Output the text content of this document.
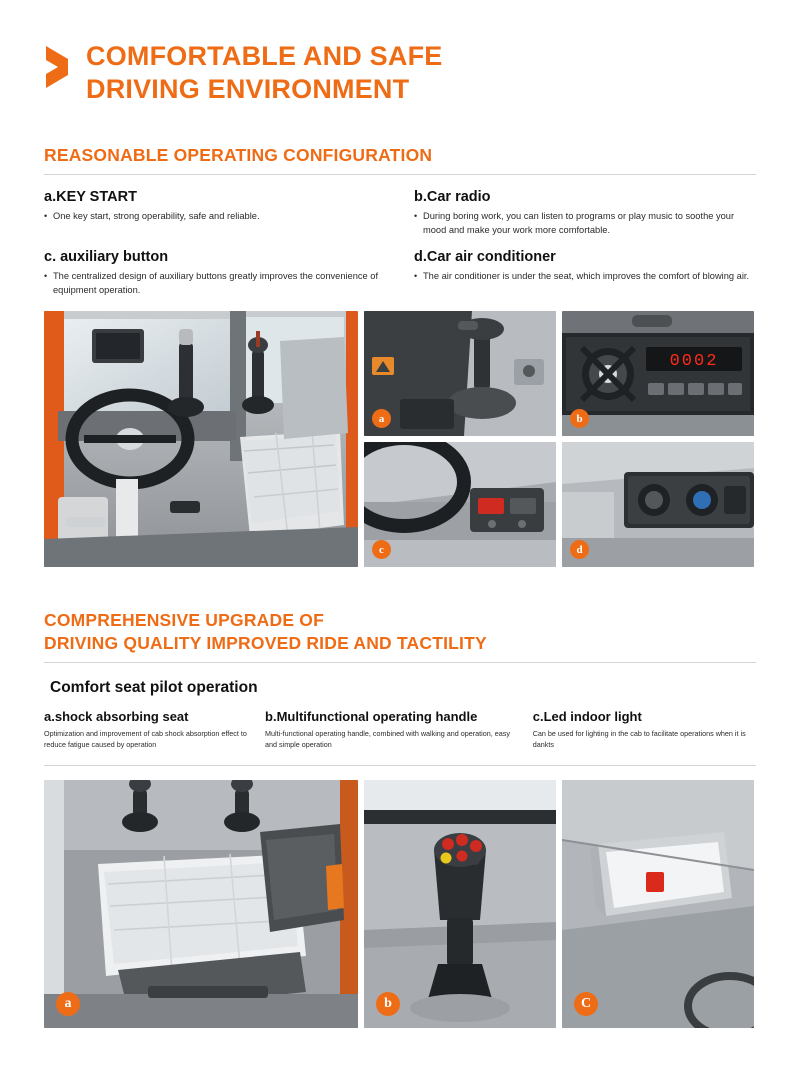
COMFORTABLE AND SAFE
DRIVING ENVIRONMENT
REASONABLE OPERATING CONFIGURATION
a.KEY START
• One key start, strong operability, safe and reliable.
b.Car radio
• During boring work, you can listen to programs or play music to soothe your mood and make your work more comfortable.
c. auxiliary button
• The centralized design of auxiliary buttons greatly improves the convenience of equipment operation.
d.Car air conditioner
• The air conditioner is under the seat, which improves the comfort of blowing air.
a
0002
b
c	d
COMPREHENSIVE UPGRADE OF
DRIVING QUALITY IMPROVED RIDE AND TACTILITY
Comfort seat pilot operation
a.shock absorbing seat

Optimization and improvement of cab shock absorption effect to reduce fatigue caused by operation

b.Multifunctional operating handle

Multi-functional operating handle, combined with walking and operation, easy and simple operation

c.Led indoor light

Can be used for lighting in the cab to facilitate operations when it is dankts

a	b	C
